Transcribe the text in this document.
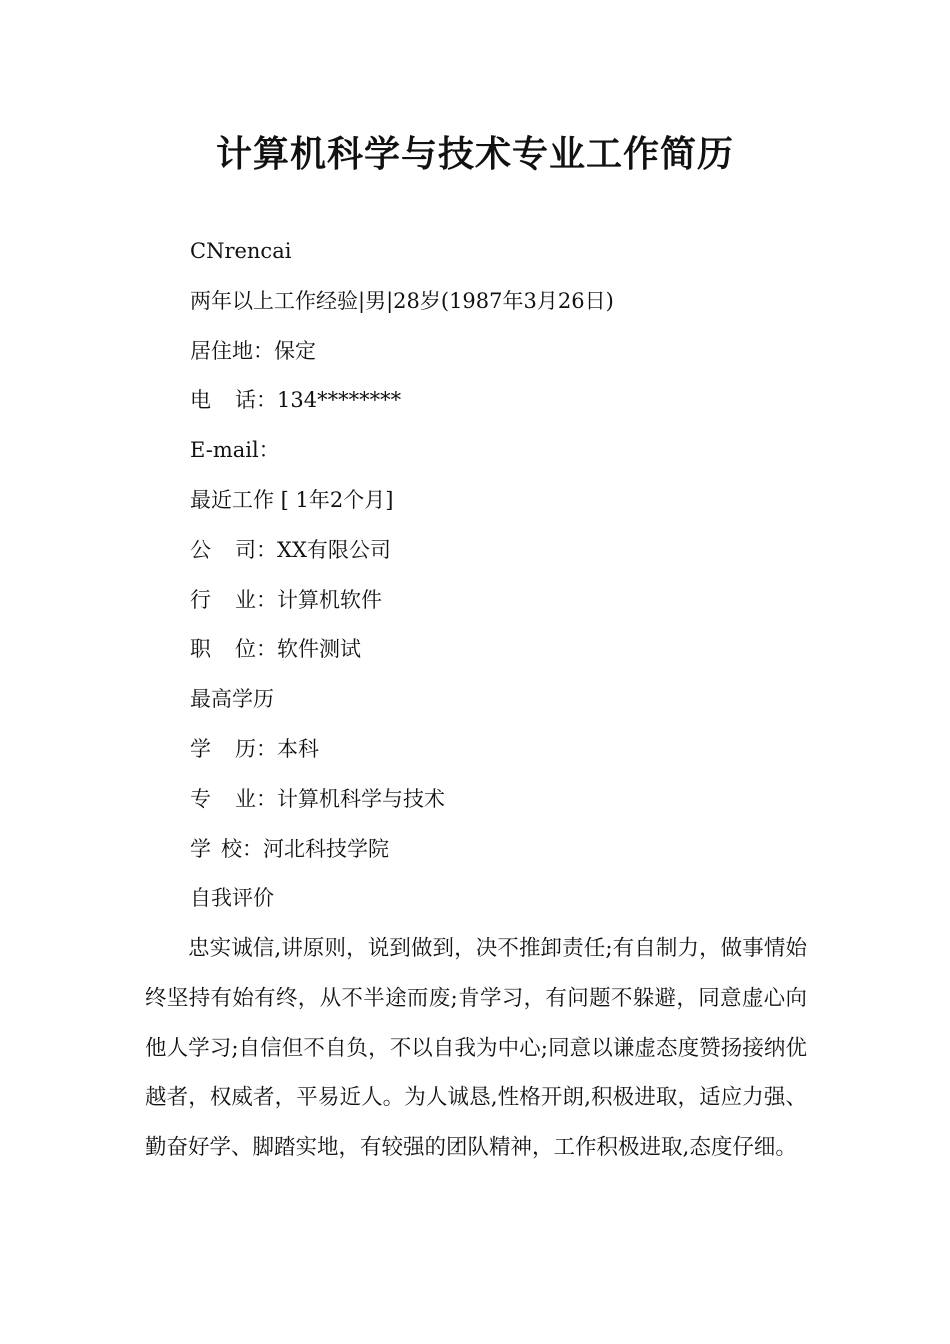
计算机科学与技术专业工作简历
CNrencai
两年以上工作经验|男|28岁(1987年3月26日)
居住地：保定
电 话：134********
E-mail：
最近工作 [ 1年2个月]
公 司：XX有限公司
行 业：计算机软件
职 位：软件测试
最高学历
学 历：本科
专 业：计算机科学与技术
学 校：河北科技学院
自我评价

忠实诚信,讲原则，说到做到，决不推卸责任;有自制力，做事情始终坚持有始有终，从不半途而废;肯学习，有问题不躲避，同意虚心向他人学习;自信但不自负，不以自我为中心;同意以谦虚态度赞扬接纳优越者，权威者，平易近人。为人诚恳,性格开朗,积极进取，适应力强、勤奋好学、脚踏实地，有较强的团队精神，工作积极进取,态度仔细。
